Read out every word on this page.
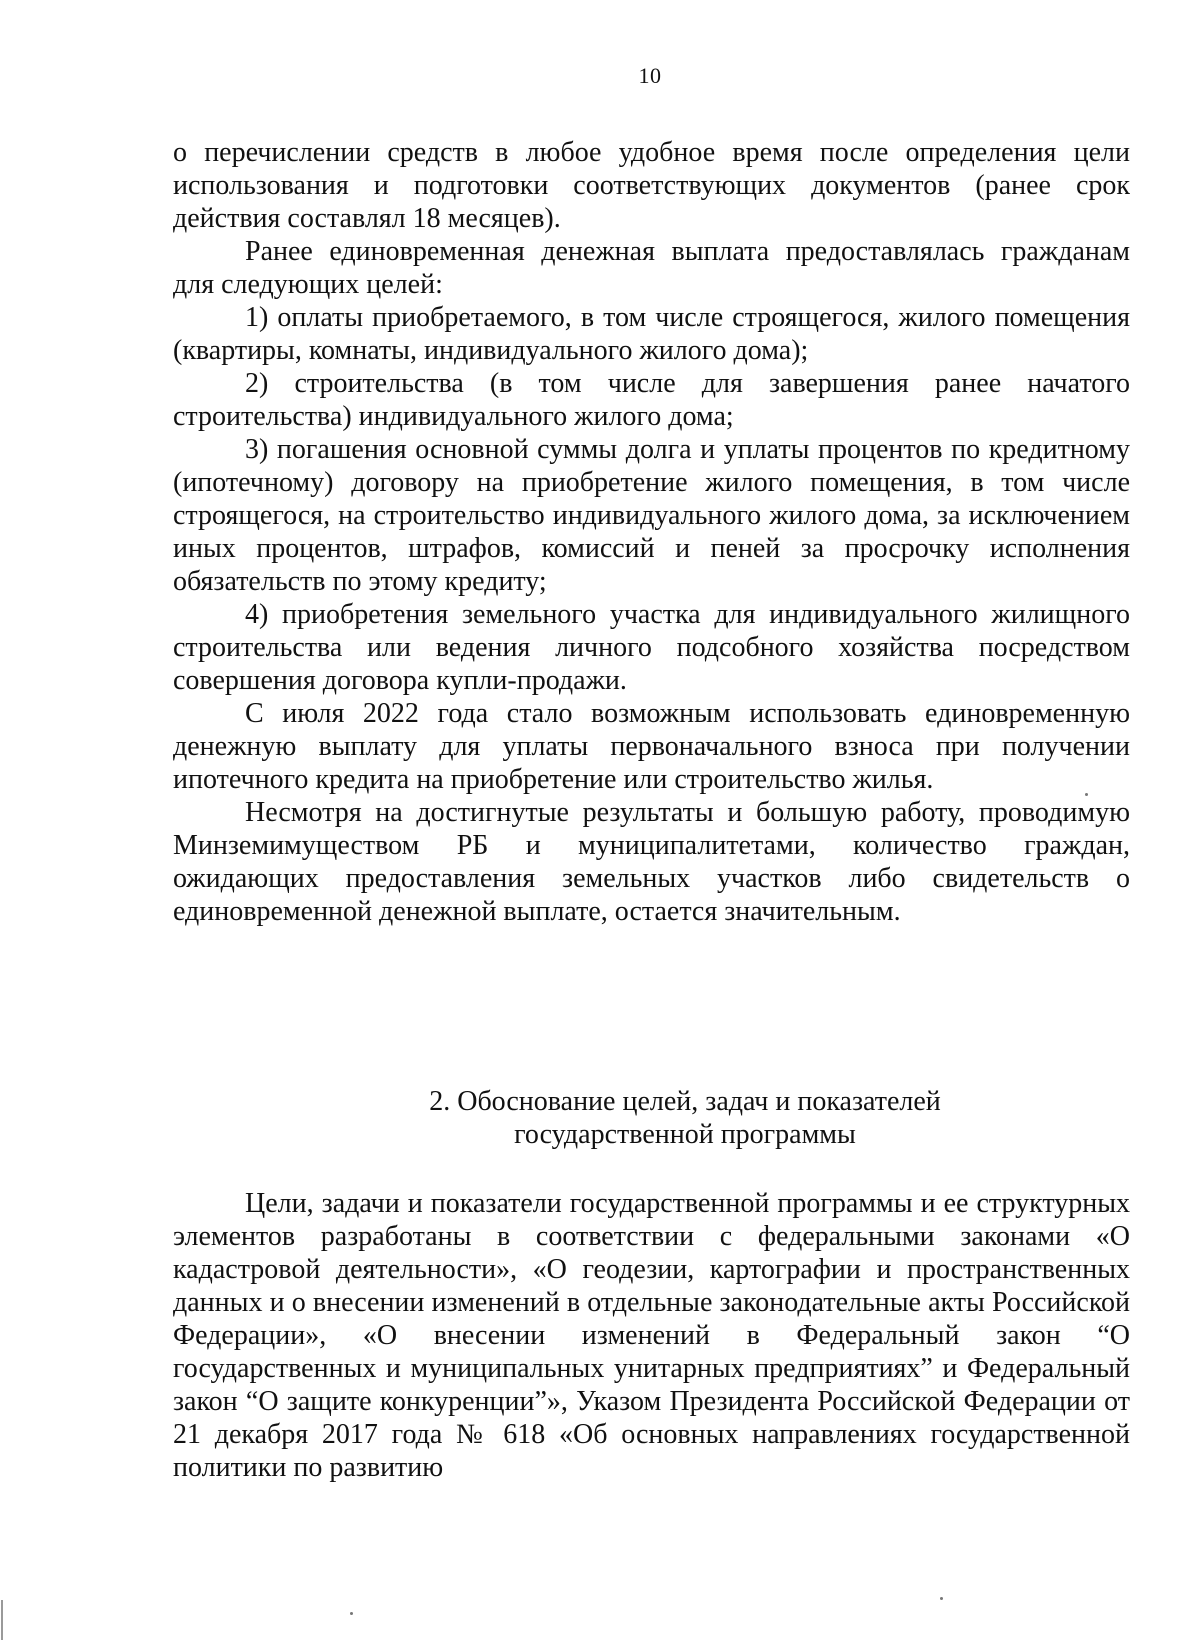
10

о перечислении средств в любое удобное время после определения цели использования и подготовки соответствующих документов (ранее срок действия составлял 18 месяцев).

Ранее единовременная денежная выплата предоставлялась гражданам для следующих целей:

1) оплаты приобретаемого, в том числе строящегося, жилого помещения (квартиры, комнаты, индивидуального жилого дома);

2) строительства (в том числе для завершения ранее начатого строительства) индивидуального жилого дома;

3) погашения основной суммы долга и уплаты процентов по кредитному (ипотечному) договору на приобретение жилого помещения, в том числе строящегося, на строительство индивидуального жилого дома, за исключением иных процентов, штрафов, комиссий и пеней за просрочку исполнения обязательств по этому кредиту;

4) приобретения земельного участка для индивидуального жилищного строительства или ведения личного подсобного хозяйства посредством совершения договора купли-продажи.

С июля 2022 года стало возможным использовать единовременную денежную выплату для уплаты первоначального взноса при получении ипотечного кредита на приобретение или строительство жилья.

Несмотря на достигнутые результаты и большую работу, проводимую Минземимуществом РБ и муниципалитетами, количество граждан, ожидающих предоставления земельных участков либо свидетельств о единовременной денежной выплате, остается значительным.

2. Обоснование целей, задач и показателей
государственной программы

Цели, задачи и показатели государственной программы и ее структурных элементов разработаны в соответствии с федеральными законами «О кадастровой деятельности», «О геодезии, картографии и пространственных данных и о внесении изменений в отдельные законодательные акты Российской Федерации», «О внесении изменений в Федеральный закон “О государственных и муниципальных унитарных предприятиях” и Федеральный закон “О защите конкуренции”», Указом Президента Российской Федерации от 21 декабря 2017 года № 618 «Об основных направлениях государственной политики по развитию
